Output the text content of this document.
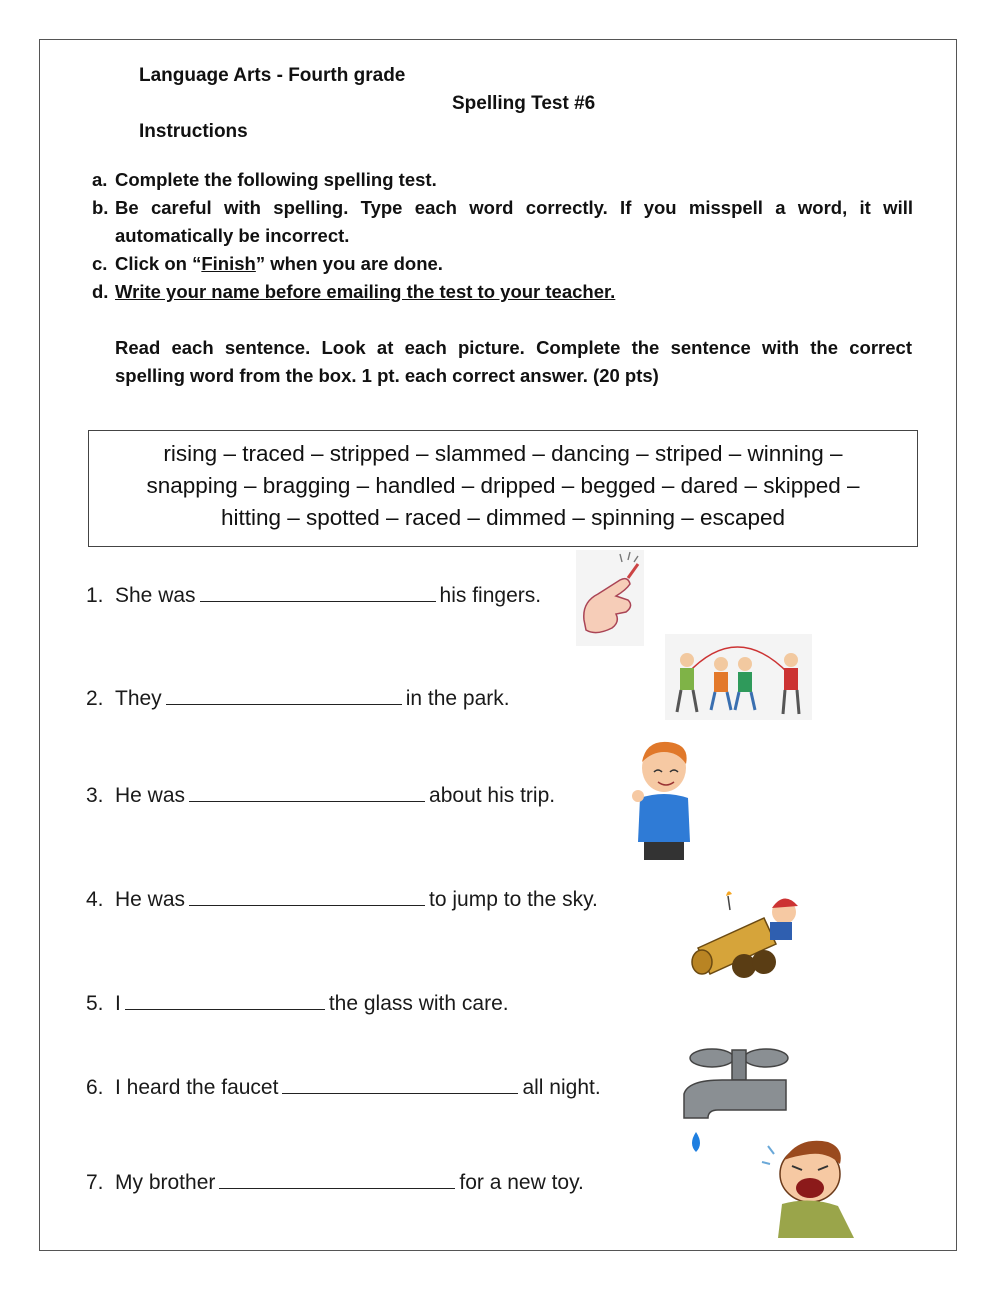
Language Arts - Fourth grade
Spelling Test #6
Instructions
a. Complete the following spelling test.
b. Be careful with spelling. Type each word correctly. If you misspell a word, it will automatically be incorrect.
c. Click on “Finish” when you are done.
d. Write your name before emailing the test to your teacher.
Read each sentence. Look at each picture. Complete the sentence with the correct spelling word from the box. 1 pt. each correct answer. (20 pts)
rising – traced – stripped – slammed – dancing – striped – winning –
snapping – bragging – handled – dripped – begged – dared – skipped –
hitting – spotted – raced – dimmed – spinning – escaped
1. She was	his fingers.
2. They	in the park.
3. He was	about his trip.
4. He was	to jump to the sky.
5. I	the glass with care.
6. I heard the faucet	all night.
7. My brother	for a new toy.
